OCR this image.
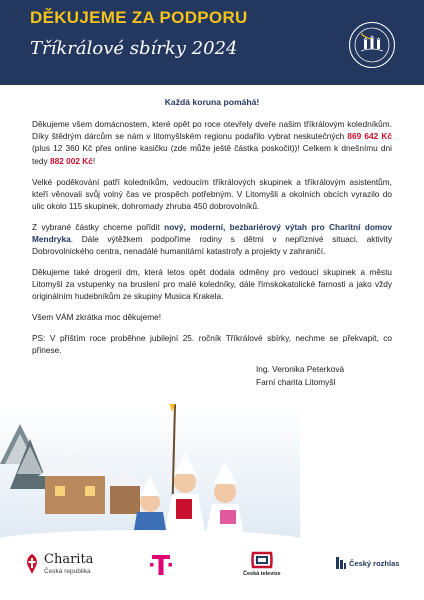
DĚKUJEME ZA PODPORU
Tříkrálové sbírky 2024

Každá koruna pomáhá!

Děkujeme všem domácnostem, které opět po roce otevřely dveře našim tříkrálovým koledníkům. Díky štědrým dárcům se nám v litomyšlském regionu podařilo vybrat neskutečných 869 642 Kč (plus 12 360 Kč přes online kasičku (zde může ještě částka poskočit))! Celkem k dnešnímu dni tedy 882 002 Kč!

Velké poděkování patří koledníkům, vedoucím tříkrálových skupinek a tříkrálovým asistentům, kteří věnovali svůj volný čas ve prospěch potřebným. V Litomyšli a okolních obcích vyrazilo do ulic okolo 115 skupinek, dohromady zhruba 450 dobrovolníků.

Z vybrané částky chceme pořídit nový, moderní, bezbariérový výtah pro Charitní domov Mendryka. Dále výtěžkem podpoříme rodiny s dětmi v nepříznivé situaci, aktivity Dobrovolnického centra, nenadálé humanitární katastrofy a projekty v zahraničí.

Děkujeme také drogerii dm, která letos opět dodala odměny pro vedoucí skupinek a městu Litomyšl za vstupenky na bruslení pro malé koledníky, dále římskokatolické farnosti a jako vždy originálním hudebníkům ze skupiny Musica Krakela.

Všem VÁM zkrátka moc děkujeme!

PS: V příštím roce proběhne jubilejní 25. ročník Tříkrálové sbírky, nechme se překvapit, co přinese.

Ing. Veronika Peterková
Farní charita Litomyšl
Charita
Česká republika	Česká televize
Český rozhlas
